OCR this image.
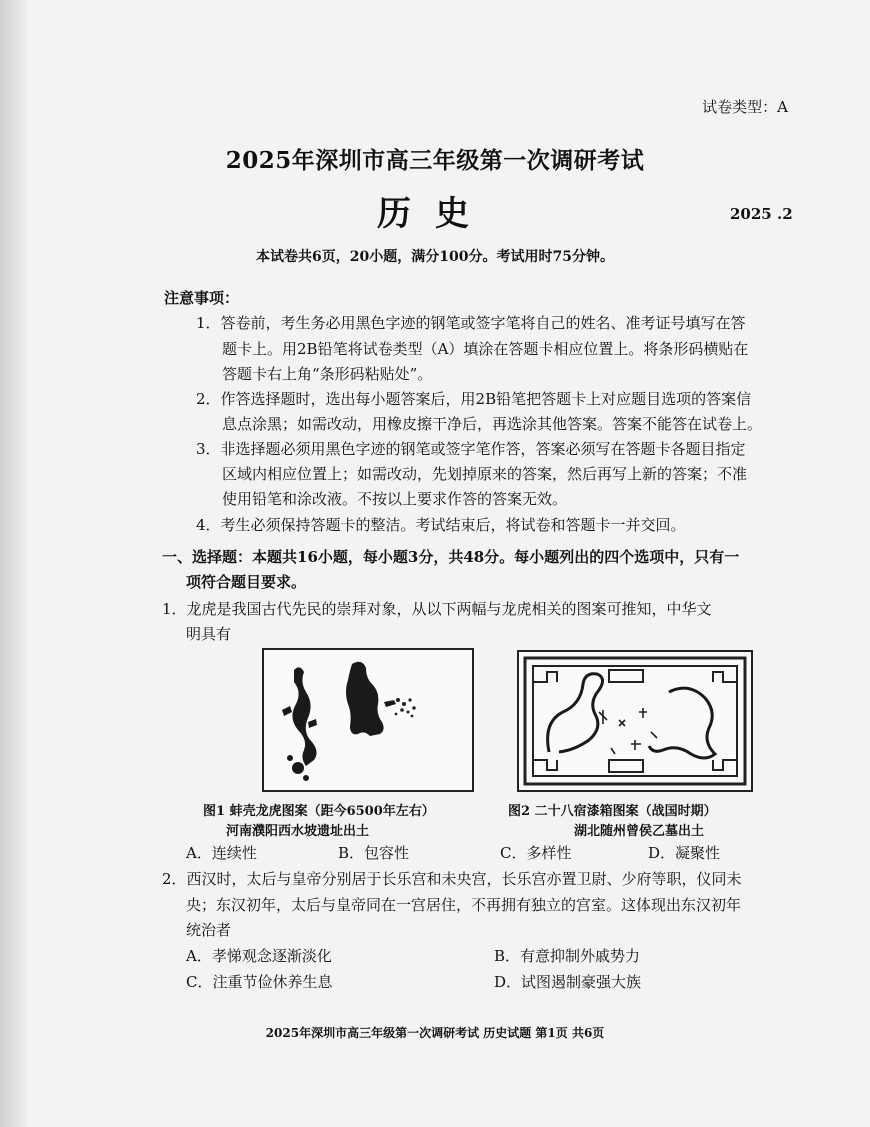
试卷类型：A
2025年深圳市高三年级第一次调研考试
历史	2025 .2
本试卷共6页，20小题，满分100分。考试用时75分钟。
注意事项：
1．答卷前，考生务必用黑色字迹的钢笔或签字笔将自己的姓名、准考证号填写在答
题卡上。用2B铅笔将试卷类型（A）填涂在答题卡相应位置上。将条形码横贴在
答题卡右上角“条形码粘贴处”。
2．作答选择题时，选出每小题答案后，用2B铅笔把答题卡上对应题目选项的答案信
息点涂黑；如需改动，用橡皮擦干净后，再选涂其他答案。答案不能答在试卷上。
3．非选择题必须用黑色字迹的钢笔或签字笔作答，答案必须写在答题卡各题目指定
区域内相应位置上；如需改动，先划掉原来的答案，然后再写上新的答案；不准
使用铅笔和涂改液。不按以上要求作答的答案无效。
4．考生必须保持答题卡的整洁。考试结束后，将试卷和答题卡一并交回。
一、选择题：本题共16小题，每小题3分，共48分。每小题列出的四个选项中，只有一
项符合题目要求。
1．龙虎是我国古代先民的崇拜对象，从以下两幅与龙虎相关的图案可推知，中华文
明具有
图1 蚌壳龙虎图案（距今6500年左右）
河南濮阳西水坡遗址出土
图2 二十八宿漆箱图案（战国时期）
湖北随州曾侯乙墓出土
A．连续性	B．包容性	C．多样性	D．凝聚性
2．西汉时，太后与皇帝分别居于长乐宫和未央宫，长乐宫亦置卫尉、少府等职，仪同未
央；东汉初年，太后与皇帝同在一宫居住，不再拥有独立的宫室。这体现出东汉初年
统治者
A．孝悌观念逐渐淡化	B．有意抑制外戚势力
C．注重节俭休养生息	D．试图遏制豪强大族
2025年深圳市高三年级第一次调研考试 历史试题 第1页 共6页
